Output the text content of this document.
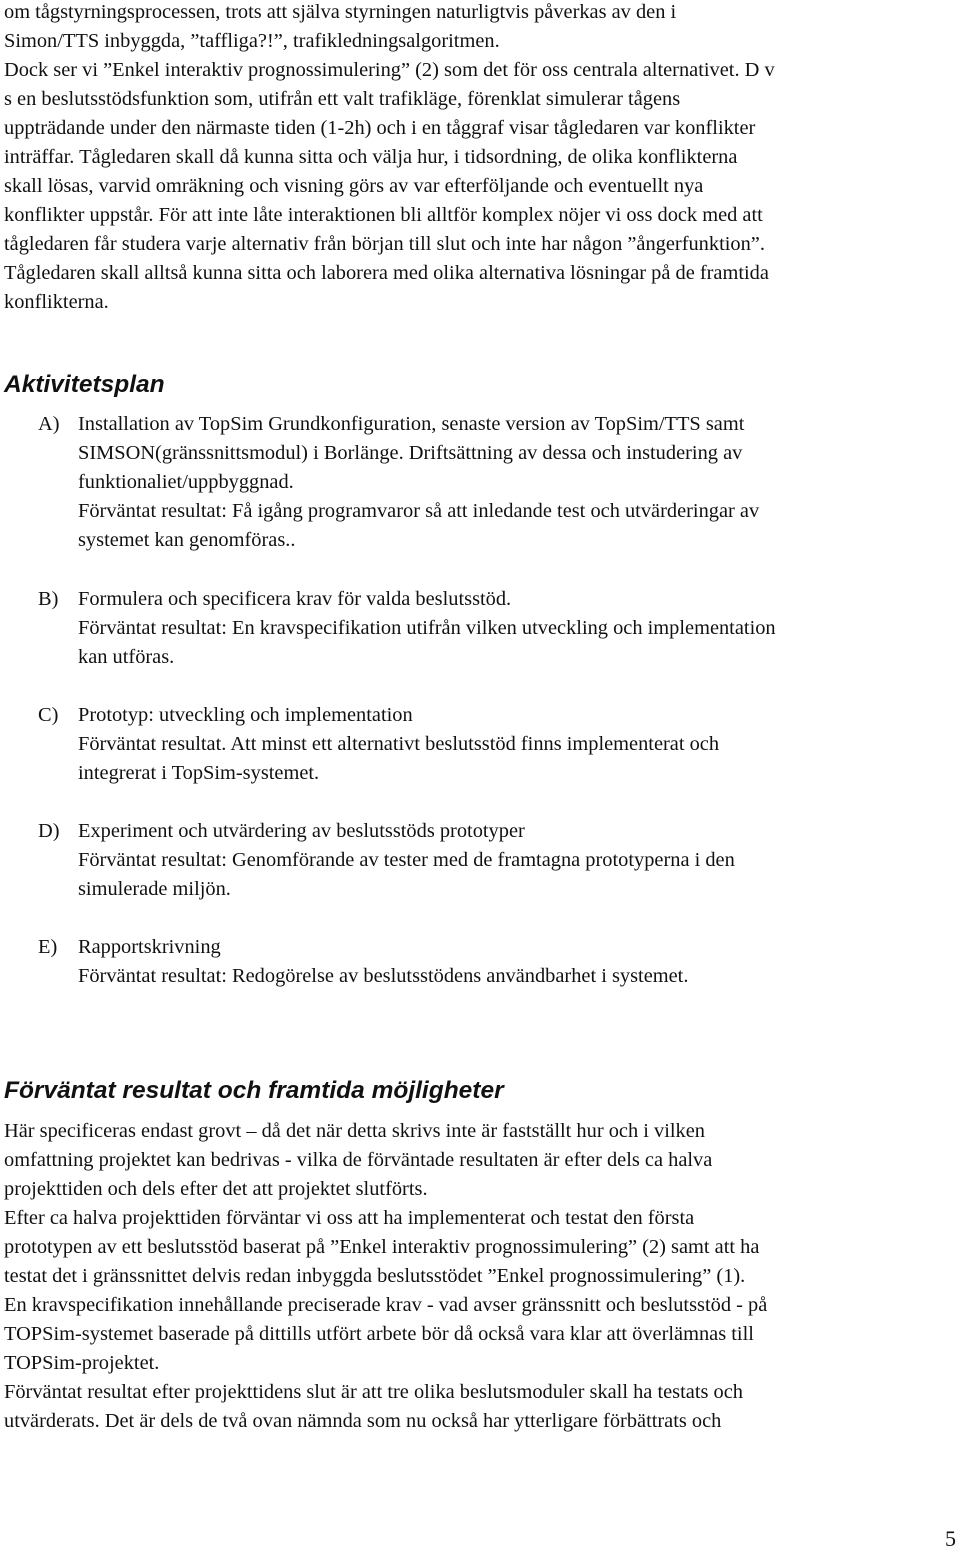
om tågstyrningsprocessen, trots att själva styrningen naturligtvis påverkas av den i
Simon/TTS inbyggda, ”taffliga?!”, trafikledningsalgoritmen.
Dock ser vi ”Enkel interaktiv prognossimulering” (2) som det för oss centrala alternativet. D v
s en beslutsstödsfunktion som, utifrån ett valt trafikläge, förenklat simulerar tågens
uppträdande under den närmaste tiden (1-2h) och i en tåggraf visar tågledaren var konflikter
inträffar. Tågledaren skall då kunna sitta och välja hur, i tidsordning, de olika konflikterna
skall lösas, varvid omräkning och visning görs av var efterföljande och eventuellt nya
konflikter uppstår. För att inte låte interaktionen bli alltför komplex nöjer vi oss dock med att
tågledaren får studera varje alternativ från början till slut och inte har någon ”ångerfunktion”.
Tågledaren skall alltså kunna sitta och laborera med olika alternativa lösningar på de framtida
konflikterna.
Aktivitetsplan
A) Installation av TopSim Grundkonfiguration, senaste version av TopSim/TTS samt
SIMSON(gränssnittsmodul) i Borlänge. Driftsättning av dessa och instudering av
funktionaliet/uppbyggnad.
Förväntat resultat: Få igång programvaror så att inledande test och utvärderingar av
systemet kan genomföras..
B) Formulera och specificera krav för valda beslutsstöd.
Förväntat resultat: En kravspecifikation utifrån vilken utveckling och implementation
kan utföras.
C) Prototyp: utveckling och implementation
Förväntat resultat. Att minst ett alternativt beslutsstöd finns implementerat och
integrerat i TopSim-systemet.
D) Experiment och utvärdering av beslutsstöds prototyper
Förväntat resultat: Genomförande av tester med de framtagna prototyperna i den
simulerade miljön.
E) Rapportskrivning
Förväntat resultat: Redogörelse av beslutsstödens användbarhet i systemet.
Förväntat resultat och framtida möjligheter
Här specificeras endast grovt – då det när detta skrivs inte är fastställt hur och i vilken
omfattning projektet kan bedrivas - vilka de förväntade resultaten är efter dels ca halva
projekttiden och dels efter det att projektet slutförts.
Efter ca halva projekttiden förväntar vi oss att ha implementerat och testat den första
prototypen av ett beslutsstöd baserat på ”Enkel interaktiv prognossimulering” (2) samt att ha
testat det i gränssnittet delvis redan inbyggda beslutsstödet ”Enkel prognossimulering” (1).
En kravspecifikation innehållande preciserade krav - vad avser gränssnitt och beslutsstöd - på
TOPSim-systemet baserade på dittills utfört arbete bör då också vara klar att överlämnas till
TOPSim-projektet.
Förväntat resultat efter projekttidens slut är att tre olika beslutsmoduler skall ha testats och
utvärderats. Det är dels de två ovan nämnda som nu också har ytterligare förbättrats och
5
